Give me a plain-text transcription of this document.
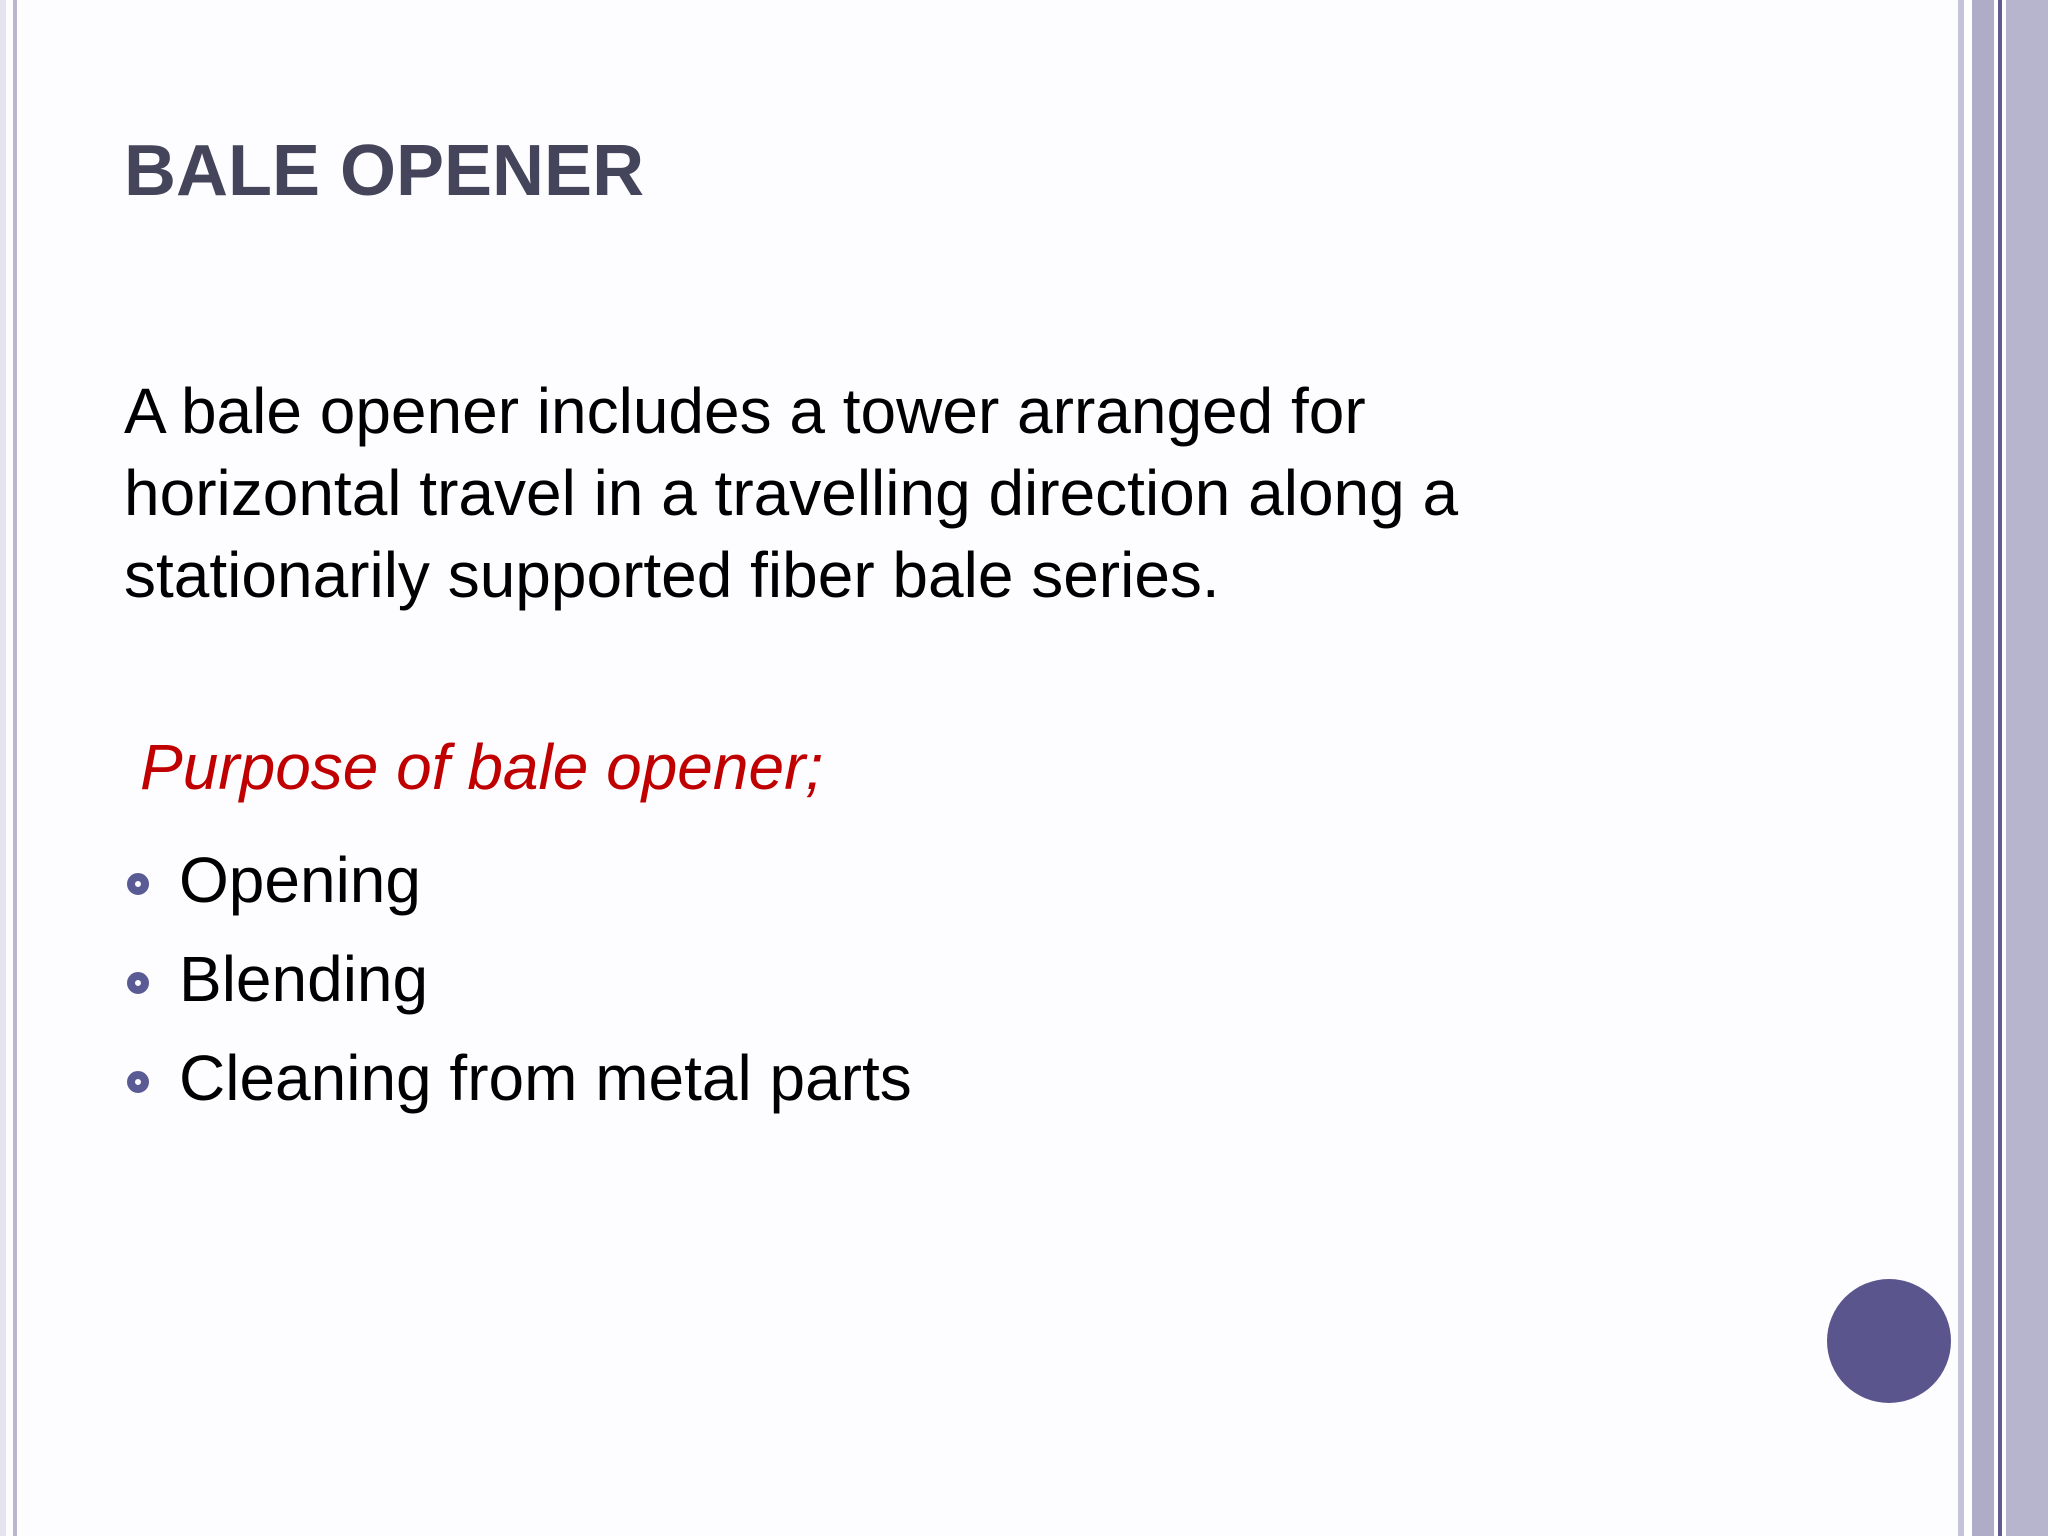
BALE OPENER
A bale opener includes a tower arranged for horizontal travel in a travelling direction along a stationarily supported fiber bale series.
Purpose of bale opener;
Opening
Blending
Cleaning from metal parts
